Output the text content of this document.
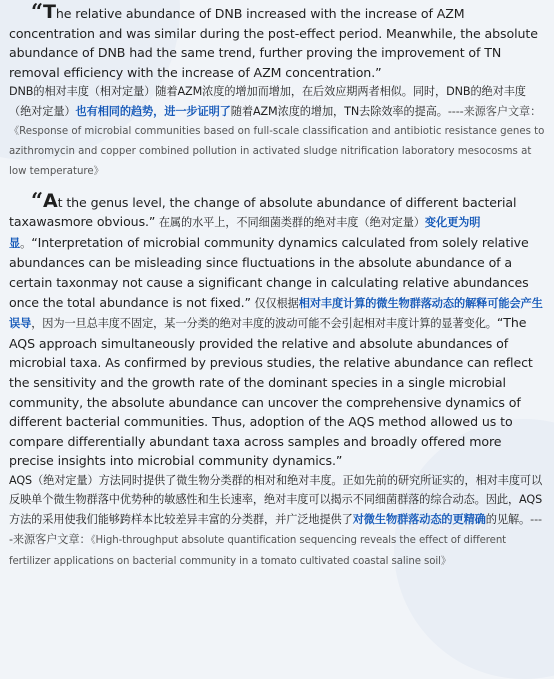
“The relative abundance of DNB increased with the increase of AZM concentration and was similar during the post-effect period. Meanwhile, the absolute abundance of DNB had the same trend, further proving the improvement of TN removal efficiency with the increase of AZM concentration.”

DNB的相对丰度（相对定量）随着AZM浓度的增加而增加，在后效应期两者相似。同时，DNB的绝对丰度（绝对定量）也有相同的趋势，进一步证明了随着AZM浓度的增加，TN去除效率的提高。----来源客户文章：

《Response of microbial communities based on full-scale classification and antibiotic resistance genes to azithromycin and copper combined pollution in activated sludge nitrification laboratory mesocosms at low temperature》

“At the genus level, the change of absolute abundance of different bacterial taxawasmore obvious.” 在属的水平上，不同细菌类群的绝对丰度（绝对定量）变化更为明显。“Interpretation of microbial community dynamics calculated from solely relative abundances can be misleading since fluctuations in the absolute abundance of a certain taxonmay not cause a significant change in calculating relative abundances once the total abundance is not fixed.” 仅仅根据相对丰度计算的微生物群落动态的解释可能会产生误导，因为一旦总丰度不固定，某一分类的绝对丰度的波动可能不会引起相对丰度计算的显著变化。“The AQS approach simultaneously provided the relative and absolute abundances of microbial taxa. As confirmed by previous studies, the relative abundance can reflect the sensitivity and the growth rate of the dominant species in a single microbial community, the absolute abundance can uncover the comprehensive dynamics of different bacterial communities. Thus, adoption of the AQS method allowed us to compare differentially abundant taxa across samples and broadly offered more precise insights into microbial community dynamics.”

AQS（绝对定量）方法同时提供了微生物分类群的相对和绝对丰度。正如先前的研究所证实的，相对丰度可以反映单个微生物群落中优势种的敏感性和生长速率，绝对丰度可以揭示不同细菌群落的综合动态。因此，AQS方法的采用使我们能够跨样本比较差异丰富的分类群，并广泛地提供了对微生物群落动态的更精确的见解。----来源客户文章：《High-throughput absolute quantification sequencing reveals the effect of different fertilizer applications on bacterial community in a tomato cultivated coastal saline soil》
